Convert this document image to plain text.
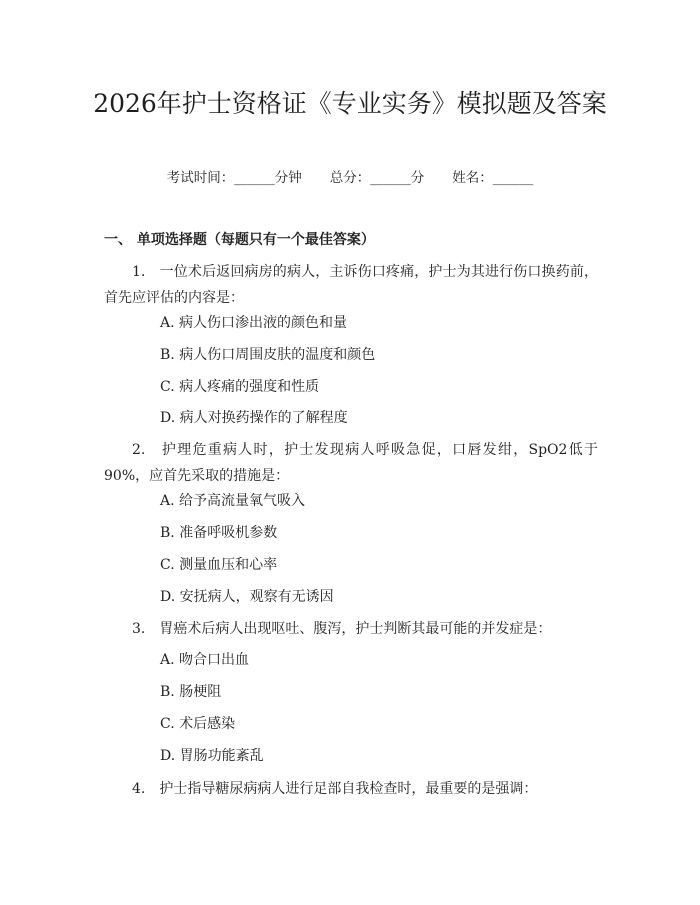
2026年护士资格证《专业实务》模拟题及答案
考试时间：______分钟 总分：______分 姓名：______
一、 单项选择题（每题只有一个最佳答案）
1.　一位术后返回病房的病人，主诉伤口疼痛，护士为其进行伤口换药前，首先应评估的内容是：
A. 病人伤口渗出液的颜色和量
B. 病人伤口周围皮肤的温度和颜色
C. 病人疼痛的强度和性质
D. 病人对换药操作的了解程度
2.　护理危重病人时，护士发现病人呼吸急促，口唇发绀，SpO2低于90%，应首先采取的措施是：
A. 给予高流量氧气吸入
B. 准备呼吸机参数
C. 测量血压和心率
D. 安抚病人，观察有无诱因
3.　胃癌术后病人出现呕吐、腹泻，护士判断其最可能的并发症是：
A. 吻合口出血
B. 肠梗阻
C. 术后感染
D. 胃肠功能紊乱
4.　护士指导糖尿病病人进行足部自我检查时，最重要的是强调：
